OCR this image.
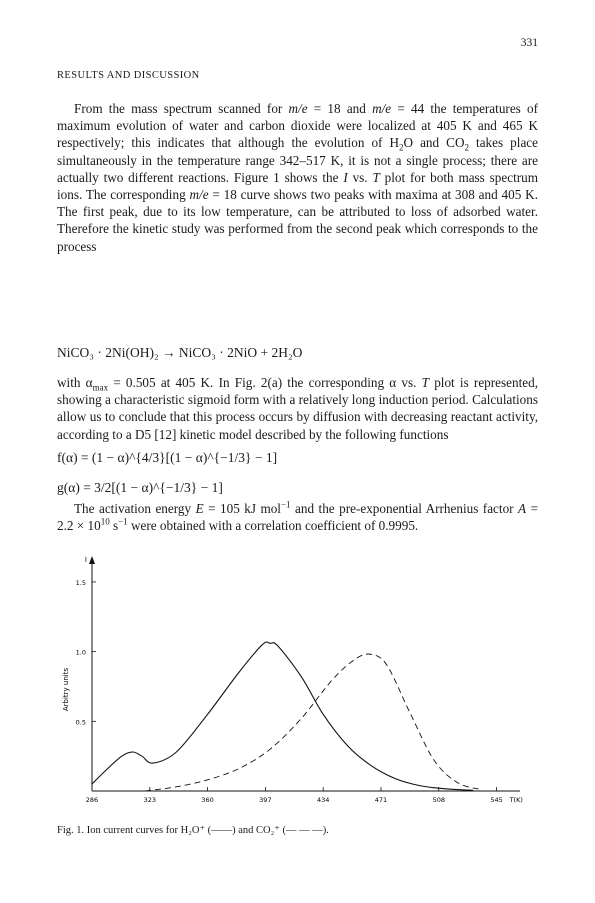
331
RESULTS AND DISCUSSION
From the mass spectrum scanned for m/e = 18 and m/e = 44 the temperatures of maximum evolution of water and carbon dioxide were localized at 405 K and 465 K respectively; this indicates that although the evolution of $H_2O$ and $CO_2$ takes place simultaneously in the temperature range 342–517 K, it is not a single process; there are actually two different reactions. Figure 1 shows the I vs. T plot for both mass spectrum ions. The corresponding m/e = 18 curve shows two peaks with maxima at 308 and 405 K. The first peak, due to its low temperature, can be attributed to loss of adsorbed water. Therefore the kinetic study was performed from the second peak which corresponds to the process
NiCO₃ · 2Ni(OH)₂ → NiCO₃ · 2NiO + 2H₂O
with $\alpha_{max} = 0.505$ at 405 K. In Fig. 2(a) the corresponding α vs. T plot is represented, showing a characteristic sigmoid form with a relatively long induction period. Calculations allow us to conclude that this process occurs by diffusion with decreasing reactant activity, according to a D5 [12] kinetic model described by the following functions
f(α) = (1 − α)^{4/3}[(1 − α)^{−1/3} − 1]
g(α) = 3/2[(1 − α)^{−1/3} − 1]
The activation energy E = 105 kJ mol$^{-1}$ and the pre-exponential Arrhenius factor $A = 2.2 \times 10^{10}$ $s^{-1}$ were obtained with a correlation coefficient of 0.9995.
I
0.5
1.0
1.5
Arbitry units
286	323	360	397	434	471	508	545 T(K)
Fig. 1. Ion current curves for H₂O⁺ (——) and CO₂⁺ (— — —).
